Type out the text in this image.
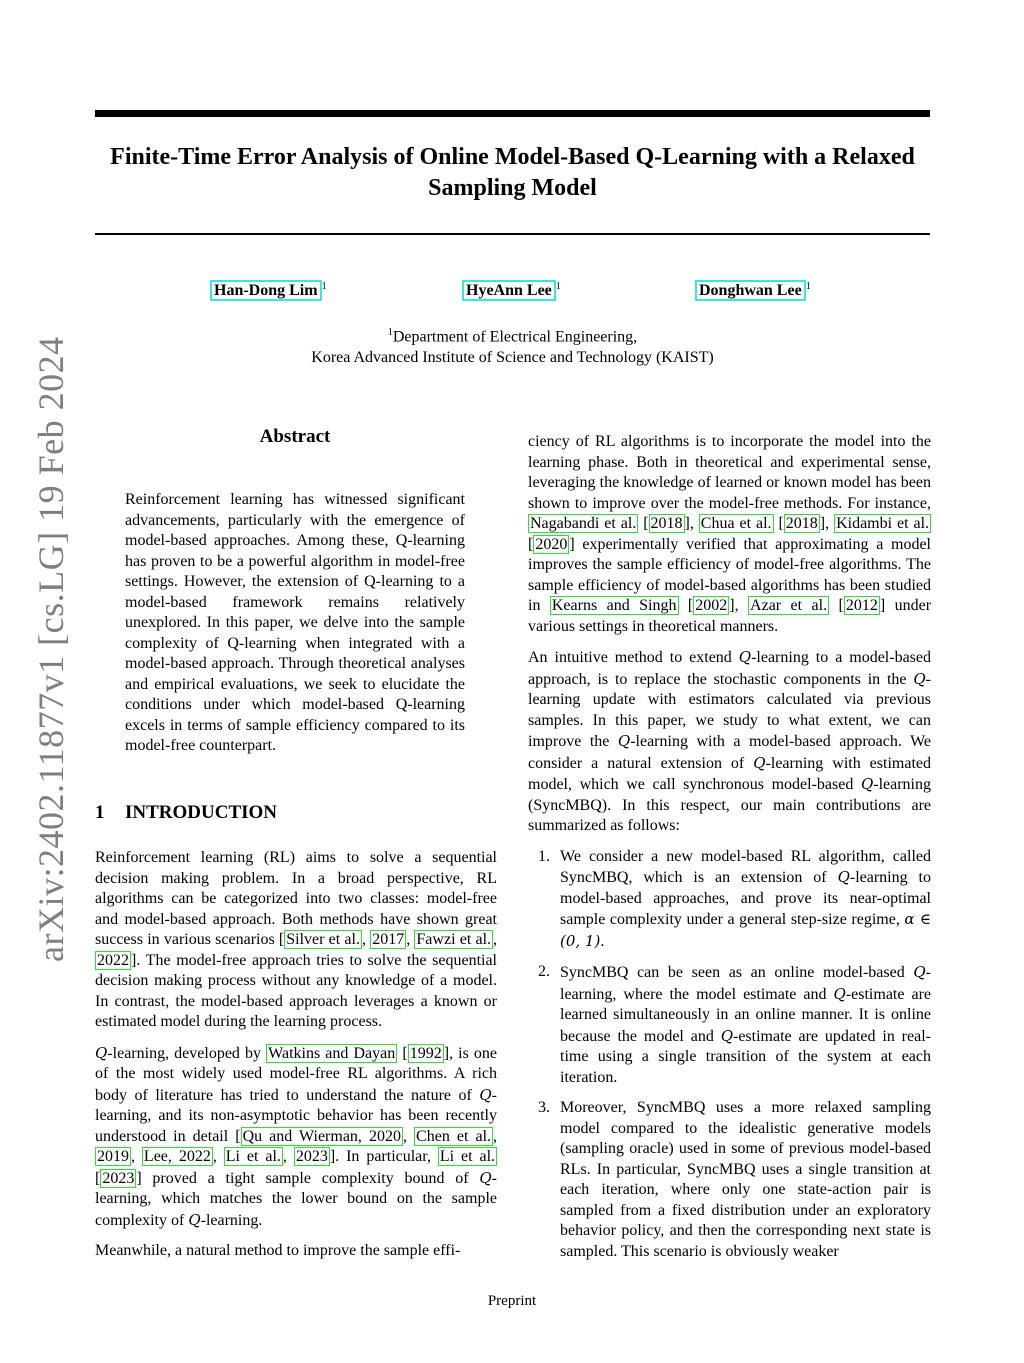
arXiv:2402.11877v1 [cs.LG] 19 Feb 2024
Finite-Time Error Analysis of Online Model-Based Q-Learning with a Relaxed
Sampling Model
Han-Dong Lim $^1$	HyeAnn Lee $^1$	Donghwan Lee $^1$
$^1$Department of Electrical Engineering,
Korea Advanced Institute of Science and Technology (KAIST)
Abstract
Reinforcement learning has witnessed significant advancements, particularly with the emergence of model-based approaches. Among these, Q-learning has proven to be a powerful algorithm in model-free settings. However, the extension of Q-learning to a model-based framework remains relatively unexplored. In this paper, we delve into the sample complexity of Q-learning when integrated with a model-based approach. Through theoretical analyses and empirical evaluations, we seek to elucidate the conditions under which model-based Q-learning excels in terms of sample efficiency compared to its model-free counterpart.
1 INTRODUCTION

Reinforcement learning (RL) aims to solve a sequential decision making problem. In a broad perspective, RL algorithms can be categorized into two classes: model-free and model-based approach. Both methods have shown great success in various scenarios [ Silver et al. , 2017 , Fawzi et al. , 2022 ]. The model-free approach tries to solve the sequential decision making process without any knowledge of a model. In contrast, the model-based approach leverages a known or estimated model during the learning process.

Q-learning, developed by Watkins and Dayan [ 1992 ], is one of the most widely used model-free RL algorithms. A rich body of literature has tried to understand the nature of Q-learning, and its non-asymptotic behavior has been recently understood in detail [ Qu and Wierman, 2020 , Chen et al. , 2019 , Lee, 2022 , Li et al. , 2023 ]. In particular, Li et al. [ 2023 ] proved a tight sample complexity bound of Q-learning, which matches the lower bound on the sample complexity of Q-learning.

Meanwhile, a natural method to improve the sample effi-

ciency of RL algorithms is to incorporate the model into the learning phase. Both in theoretical and experimental sense, leveraging the knowledge of learned or known model has been shown to improve over the model-free methods. For instance, Nagabandi et al. [ 2018 ], Chua et al. [ 2018 ], Kidambi et al. [ 2020 ] experimentally verified that approximating a model improves the sample efficiency of model-free algorithms. The sample efficiency of model-based algorithms has been studied in Kearns and Singh [ 2002 ], Azar et al. [ 2012 ] under various settings in theoretical manners.

An intuitive method to extend Q-learning to a model-based approach, is to replace the stochastic components in the Q-learning update with estimators calculated via previous samples. In this paper, we study to what extent, we can improve the Q-learning with a model-based approach. We consider a natural extension of Q-learning with estimated model, which we call synchronous model-based Q-learning (SyncMBQ). In this respect, our main contributions are summarized as follows:

1. We consider a new model-based RL algorithm, called SyncMBQ, which is an extension of Q-learning to model-based approaches, and prove its near-optimal sample complexity under a general step-size regime, α ∈ (0, 1).
2. SyncMBQ can be seen as an online model-based Q-learning, where the model estimate and Q-estimate are learned simultaneously in an online manner. It is online because the model and Q-estimate are updated in real-time using a single transition of the system at each iteration.
3. Moreover, SyncMBQ uses a more relaxed sampling model compared to the idealistic generative models (sampling oracle) used in some of previous model-based RLs. In particular, SyncMBQ uses a single transition at each iteration, where only one state-action pair is sampled from a fixed distribution under an exploratory behavior policy, and then the corresponding next state is sampled. This scenario is obviously weaker
Preprint
